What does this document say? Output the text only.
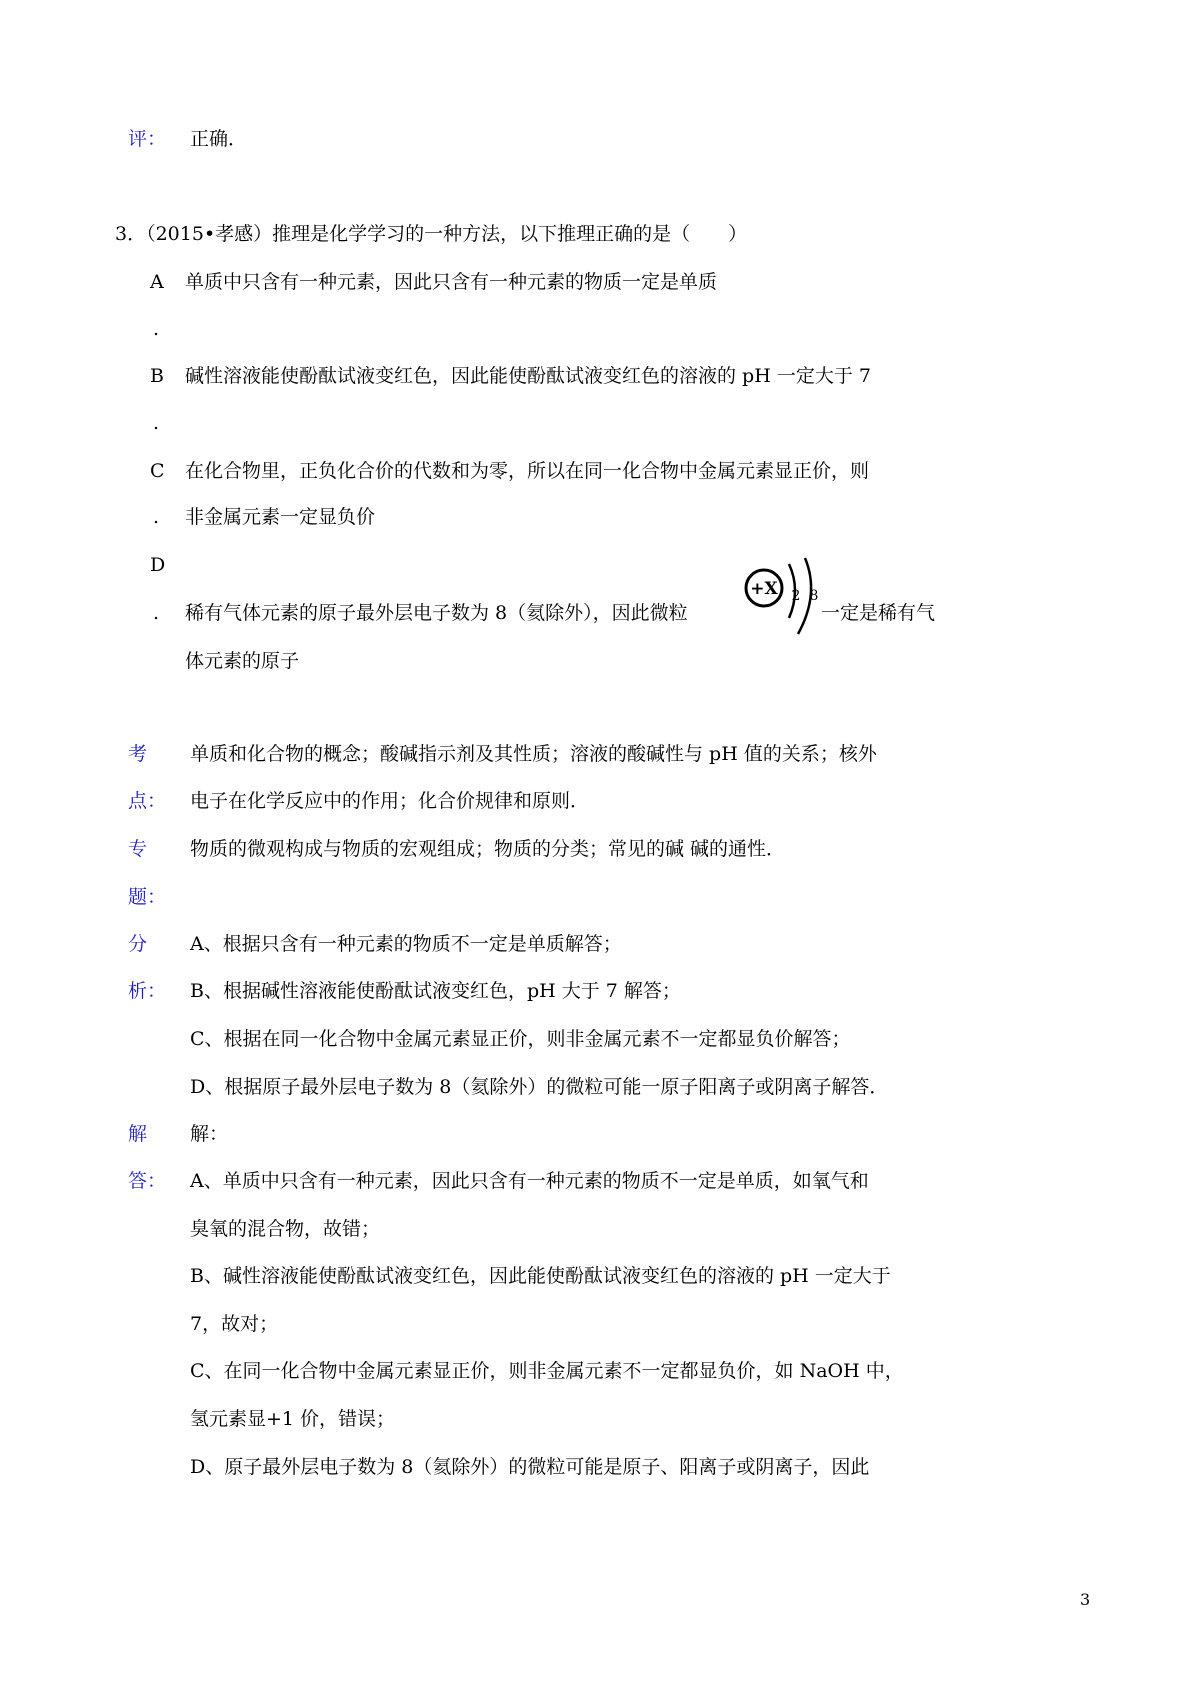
评： 正确．
3．（2015•孝感）推理是化学学习的一种方法，以下推理正确的是（　　）
A 单质中只含有一种元素，因此只含有一种元素的物质一定是单质
.
B 碱性溶液能使酚酞试液变红色，因此能使酚酞试液变红色的溶液的 pH 一定大于 7
.
C 在化合物里，正负化合价的代数和为零，所以在同一化合物中金属元素显正价，则
. 非金属元素一定显负价
D
. 稀有气体元素的原子最外层电子数为 8（氦除外），因此微粒
+X 2 8
一定是稀有气
体元素的原子
考
点：
单质和化合物的概念；酸碱指示剂及其性质；溶液的酸碱性与 pH 值的关系；核外
电子在化学反应中的作用；化合价规律和原则．
专
题：
物质的微观构成与物质的宏观组成；物质的分类；常见的碱 碱的通性．
分
析：
A、根据只含有一种元素的物质不一定是单质解答；
B、根据碱性溶液能使酚酞试液变红色，pH 大于 7 解答；
C、根据在同一化合物中金属元素显正价，则非金属元素不一定都显负价解答；
D、根据原子最外层电子数为 8（氦除外）的微粒可能一原子阳离子或阴离子解答．
解
答：
解：
A、单质中只含有一种元素，因此只含有一种元素的物质不一定是单质，如氧气和
臭氧的混合物，故错；
B、碱性溶液能使酚酞试液变红色，因此能使酚酞试液变红色的溶液的 pH 一定大于
7，故对；
C、在同一化合物中金属元素显正价，则非金属元素不一定都显负价，如 NaOH 中，
氢元素显+1 价，错误；
D、原子最外层电子数为 8（氦除外）的微粒可能是原子、阳离子或阴离子，因此
3
